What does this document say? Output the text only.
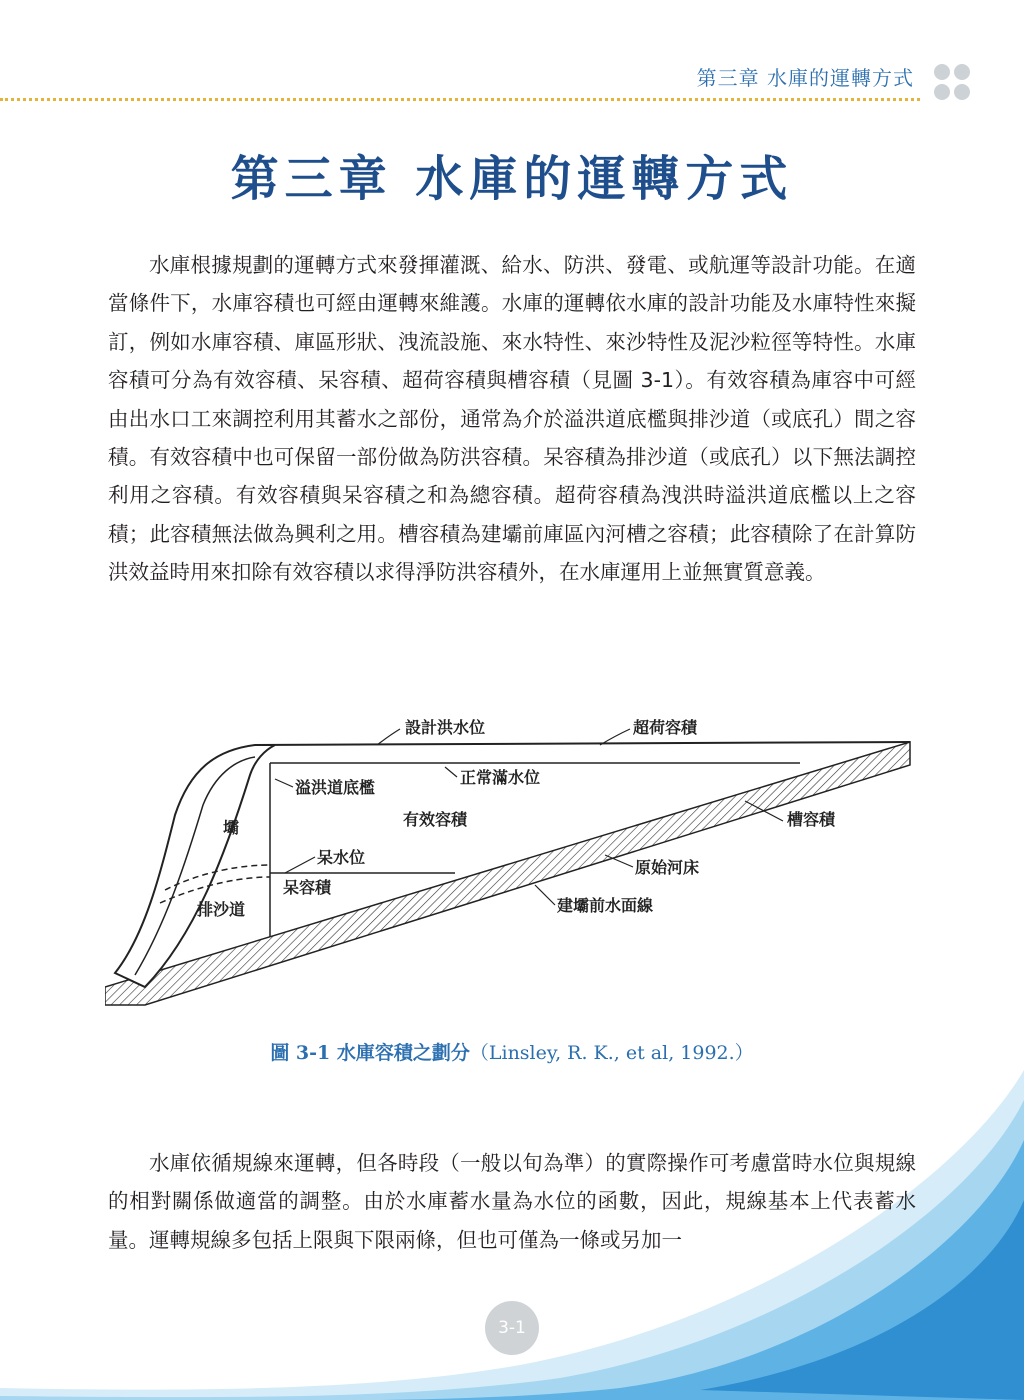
第三章 水庫的運轉方式
第三章 水庫的運轉方式

水庫根據規劃的運轉方式來發揮灌溉、給水、防洪、發電、或航運等設計功能。在適當條件下，水庫容積也可經由運轉來維護。水庫的運轉依水庫的設計功能及水庫特性來擬訂，例如水庫容積、庫區形狀、洩流設施、來水特性、來沙特性及泥沙粒徑等特性。水庫容積可分為有效容積、呆容積、超荷容積與槽容積（見圖 3-1）。有效容積為庫容中可經由出水口工來調控利用其蓄水之部份，通常為介於溢洪道底檻與排沙道（或底孔）間之容積。有效容積中也可保留一部份做為防洪容積。呆容積為排沙道（或底孔）以下無法調控利用之容積。有效容積與呆容積之和為總容積。超荷容積為洩洪時溢洪道底檻以上之容積；此容積無法做為興利之用。槽容積為建壩前庫區內河槽之容積；此容積除了在計算防洪效益時用來扣除有效容積以求得淨防洪容積外，在水庫運用上並無實質意義。

設計洪水位	超荷容積
溢洪道底檻
正常滿水位
壩	有效容積	槽容積
呆水位
呆容積
原始河床
排沙道	建壩前水面線
圖 3-1 水庫容積之劃分（Linsley, R. K., et al, 1992.）

水庫依循規線來運轉，但各時段（一般以旬為準）的實際操作可考慮當時水位與規線的相對關係做適當的調整。由於水庫蓄水量為水位的函數，因此，規線基本上代表蓄水量。運轉規線多包括上限與下限兩條，但也可僅為一條或另加一

3-1
